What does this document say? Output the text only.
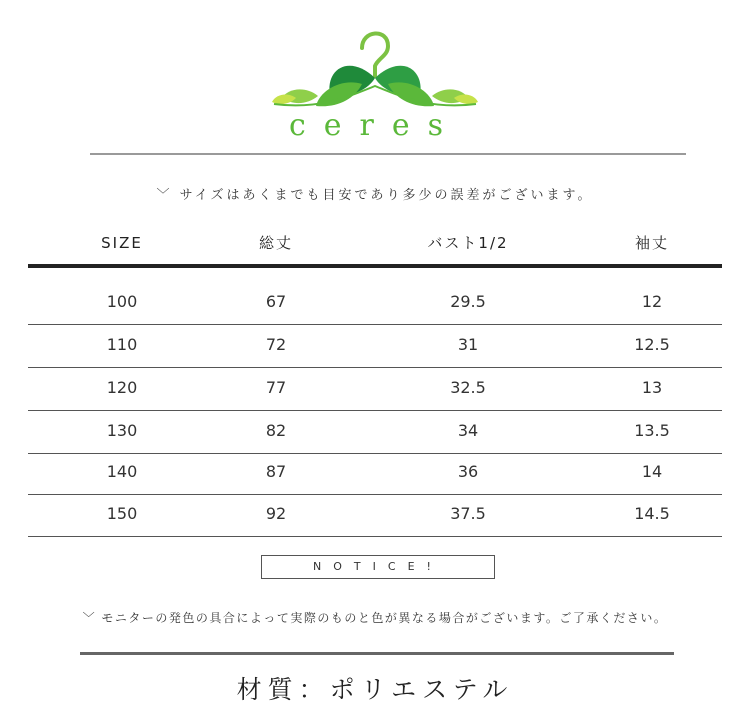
ceres
﹀ サイズはあくまでも目安であり多少の誤差がございます。
SIZE	総丈	バスト1/2	袖丈
100	67	29.5	12
110	72	31	12.5
120	77	32.5	13
130	82	34	13.5
140	87	36	14
150	92	37.5	14.5
NOTICE!
﹀ モニターの発色の具合によって実際のものと色が異なる場合がございます。ご了承ください。
材質：ポリエステル
